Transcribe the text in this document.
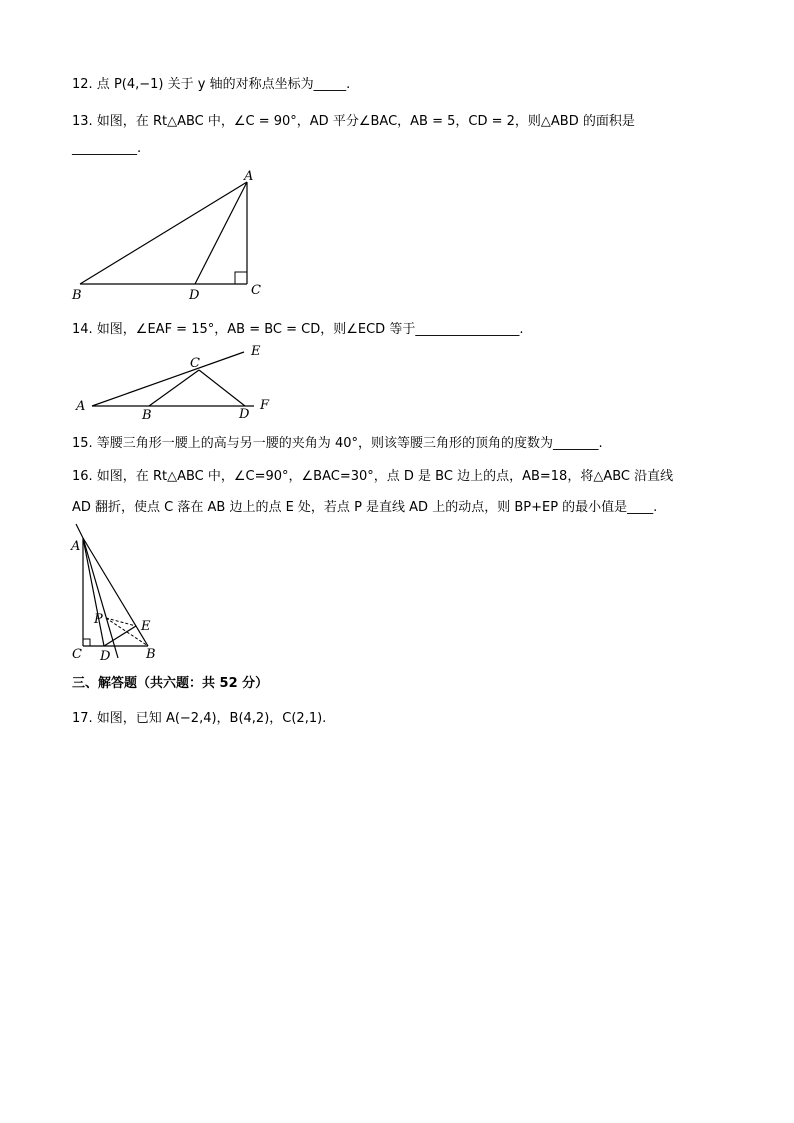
12. 点 P(4,−1) 关于 y 轴的对称点坐标为_____.
13. 如图，在 Rt△ABC 中，∠C = 90°，AD 平分∠BAC，AB = 5，CD = 2，则△ABD 的面积是
__________.
A
B	D	C
14. 如图，∠EAF = 15°，AB = BC = CD，则∠ECD 等于________________.
A
B
C
D
E
F
15. 等腰三角形一腰上的高与另一腰的夹角为 40°，则该等腰三角形的顶角的度数为_______.
16. 如图，在 Rt△ABC 中，∠C=90°，∠BAC=30°，点 D 是 BC 边上的点，AB=18，将△ABC 沿直线
AD 翻折，使点 C 落在 AB 边上的点 E 处，若点 P 是直线 AD 上的动点，则 BP+EP 的最小值是____.
A
P	E
C D	B
三、解答题（共六题：共 52 分）
17. 如图，已知 A(−2,4)，B(4,2)，C(2,1).
